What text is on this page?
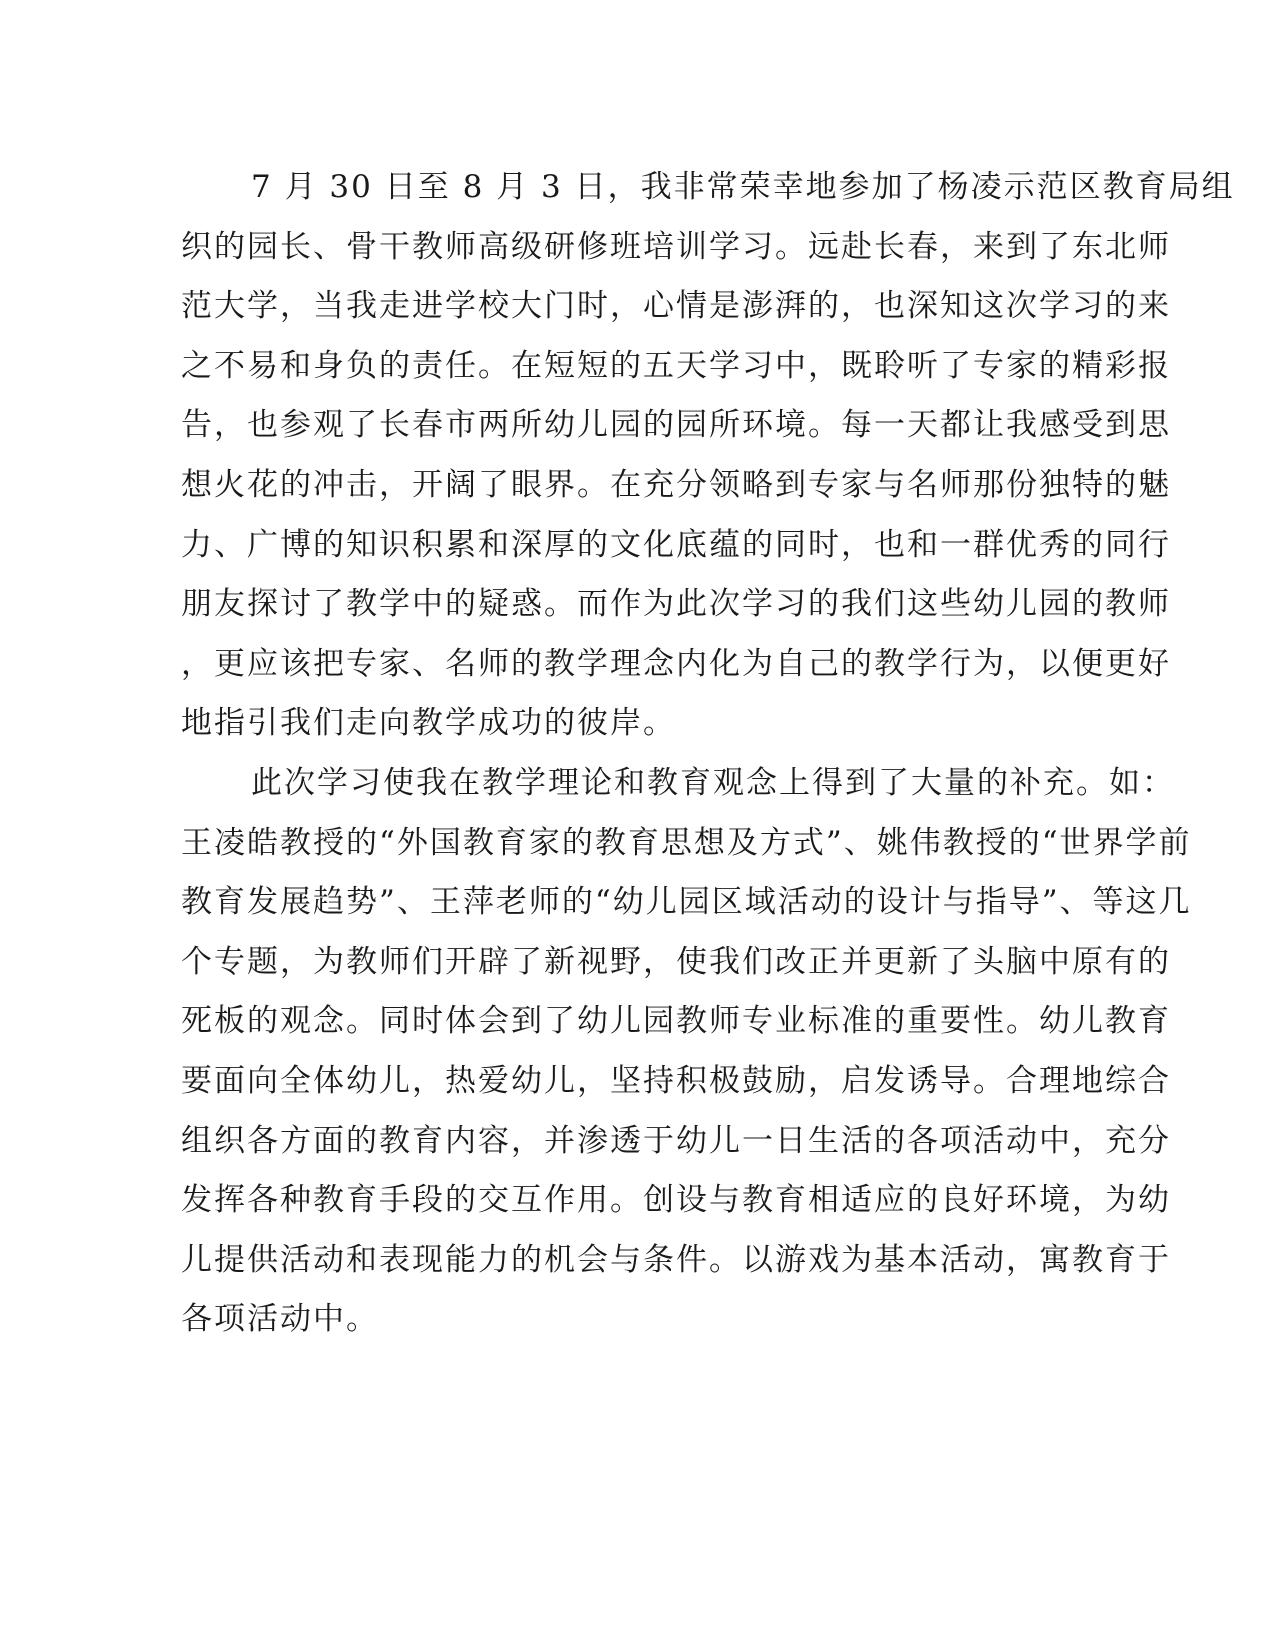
7 月 30 日至 8 月 3 日，我非常荣幸地参加了杨凌示范区教育局组
织的园长、骨干教师高级研修班培训学习。远赴长春，来到了东北师
范大学，当我走进学校大门时，心情是澎湃的，也深知这次学习的来
之不易和身负的责任。在短短的五天学习中，既聆听了专家的精彩报
告，也参观了长春市两所幼儿园的园所环境。每一天都让我感受到思
想火花的冲击，开阔了眼界。在充分领略到专家与名师那份独特的魅
力、广博的知识积累和深厚的文化底蕴的同时，也和一群优秀的同行
朋友探讨了教学中的疑惑。而作为此次学习的我们这些幼儿园的教师
，更应该把专家、名师的教学理念内化为自己的教学行为，以便更好
地指引我们走向教学成功的彼岸。
此次学习使我在教学理论和教育观念上得到了大量的补充。如：
王凌皓教授的“外国教育家的教育思想及方式”、姚伟教授的“世界学前
教育发展趋势”、王萍老师的“幼儿园区域活动的设计与指导”、等这几
个专题，为教师们开辟了新视野，使我们改正并更新了头脑中原有的
死板的观念。同时体会到了幼儿园教师专业标准的重要性。幼儿教育
要面向全体幼儿，热爱幼儿，坚持积极鼓励，启发诱导。合理地综合
组织各方面的教育内容，并渗透于幼儿一日生活的各项活动中，充分
发挥各种教育手段的交互作用。创设与教育相适应的良好环境，为幼
儿提供活动和表现能力的机会与条件。以游戏为基本活动，寓教育于
各项活动中。
